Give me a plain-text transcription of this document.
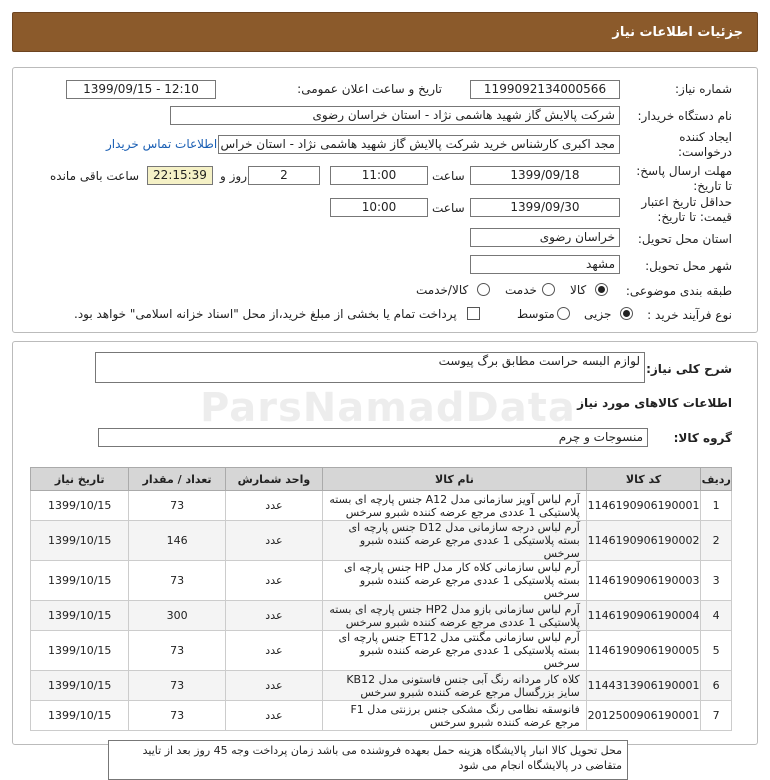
جزئیات اطلاعات نیاز
شماره نیاز:
1199092134000566
تاریخ و ساعت اعلان عمومی:
1399/09/15 - 12:10
نام دستگاه خریدار:
شرکت پالایش گاز شهید هاشمی نژاد - استان خراسان رضوی
ایجاد کننده
درخواست:
مجد اکبری کارشناس خرید شرکت پالایش گاز شهید هاشمی نژاد - استان خراس
اطلاعات تماس خریدار
مهلت ارسال پاسخ:
تا تاریخ:
1399/09/18
ساعت
11:00
2
روز و
22:15:39
ساعت باقی مانده
حداقل تاریخ اعتبار
قیمت: تا تاریخ:
1399/09/30
ساعت
10:00
استان محل تحویل:
خراسان رضوی
شهر محل تحویل:
مشهد
طبقه بندی موضوعی:
کالا
خدمت
کالا/خدمت
نوع فرآیند خرید :
جزیی
متوسط
پرداخت تمام یا بخشی از مبلغ خرید،از محل "اسناد خزانه اسلامی" خواهد بود.
شرح کلی نیاز:
لوازم البسه حراست مطابق برگ پیوست
اطلاعات کالاهای مورد نیاز
گروه کالا:
منسوجات و چرم
ردیف	کد کالا	نام کالا	واحد شمارش	تعداد / مقدار	تاریخ نیاز
1	1146190906190001	آرم لباس آویز سازمانی مدل A12 جنس پارچه ای بسته پلاستیکی 1 عددی مرجع عرضه کننده شبرو سرخس	عدد	73	1399/10/15
2	1146190906190002	آرم لباس درجه سازمانی مدل D12 جنس پارچه ای بسته پلاستیکی 1 عددی مرجع عرضه کننده شبرو سرخس	عدد	146	1399/10/15
3	1146190906190003	آرم لباس سازمانی کلاه کار مدل HP جنس پارچه ای بسته پلاستیکی 1 عددی مرجع عرضه کننده شبرو سرخس	عدد	73	1399/10/15
4	1146190906190004	آرم لباس سازمانی بازو مدل HP2 جنس پارچه ای بسته پلاستیکی 1 عددی مرجع عرضه کننده شبرو سرخس	عدد	300	1399/10/15
5	1146190906190005	آرم لباس سازمانی مگنتی مدل ET12 جنس پارچه ای بسته پلاستیکی 1 عددی مرجع عرضه کننده شبرو سرخس	عدد	73	1399/10/15
6	1144313906190001	کلاه کار مردانه رنگ آبی جنس فاستونی مدل KB12 سایز بزرگسال مرجع عرضه کننده شبرو سرخس	عدد	73	1399/10/15
7	2012500906190001	فانوسقه نظامی رنگ مشکی جنس برزنتی مدل F1 مرجع عرضه کننده شبرو سرخس	عدد	73	1399/10/15
محل تحویل کالا انبار پالایشگاه هزینه حمل بعهده فروشنده می باشد زمان پرداخت وجه 45 روز بعد از تایید متقاضی در پالایشگاه انجام می شود
